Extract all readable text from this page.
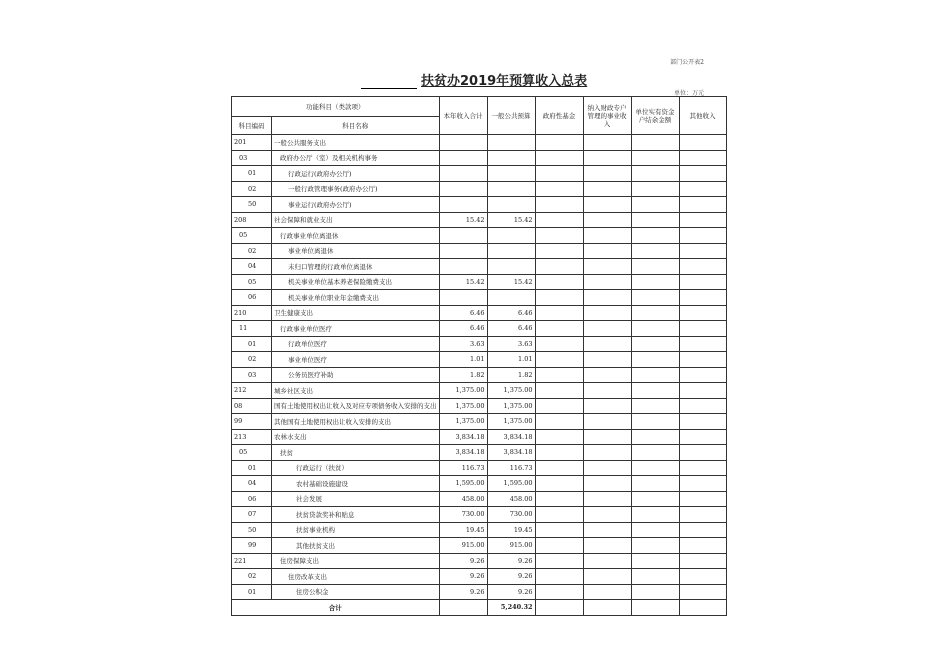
部门公开表2
扶贫办2019年预算收入总表
单位：万元
功能科目（类款项）		本年收入合计	一般公共预算	政府性基金	纳入财政专户管理的事业收入	单位实有资金户结余金额	其他收入
科目编码	科目名称						
201	一般公共服务支出						
03	政府办公厅（室）及相关机构事务						
01	行政运行(政府办公厅)						
02	一般行政管理事务(政府办公厅)						
50	事业运行(政府办公厅)						
208	社会保障和就业支出	15.42	15.42				
05	行政事业单位离退休						
02	事业单位离退休						
04	未归口管理的行政单位离退休						
05	机关事业单位基本养老保险缴费支出	15.42	15.42				
06	机关事业单位职业年金缴费支出						
210	卫生健康支出	6.46	6.46				
11	行政事业单位医疗	6.46	6.46				
01	行政单位医疗	3.63	3.63				
02	事业单位医疗	1.01	1.01				
03	公务员医疗补助	1.82	1.82				
212	城乡社区支出	1,375.00	1,375.00				
08	国有土地使用权出让收入及对应专项债务收入安排的支出	1,375.00	1,375.00				
99	其他国有土地使用权出让收入安排的支出	1,375.00	1,375.00				
213	农林水支出	3,834.18	3,834.18				
05	扶贫	3,834.18	3,834.18				
01	行政运行（扶贫）	116.73	116.73				
04	农村基础设施建设	1,595.00	1,595.00				
06	社会发展	458.00	458.00				
07	扶贫贷款奖补和贴息	730.00	730.00				
50	扶贫事业机构	19.45	19.45				
99	其他扶贫支出	915.00	915.00				
221	住房保障支出	9.26	9.26				
02	住房改革支出	9.26	9.26				
01	住房公积金	9.26	9.26				
合计			5,240.32				
